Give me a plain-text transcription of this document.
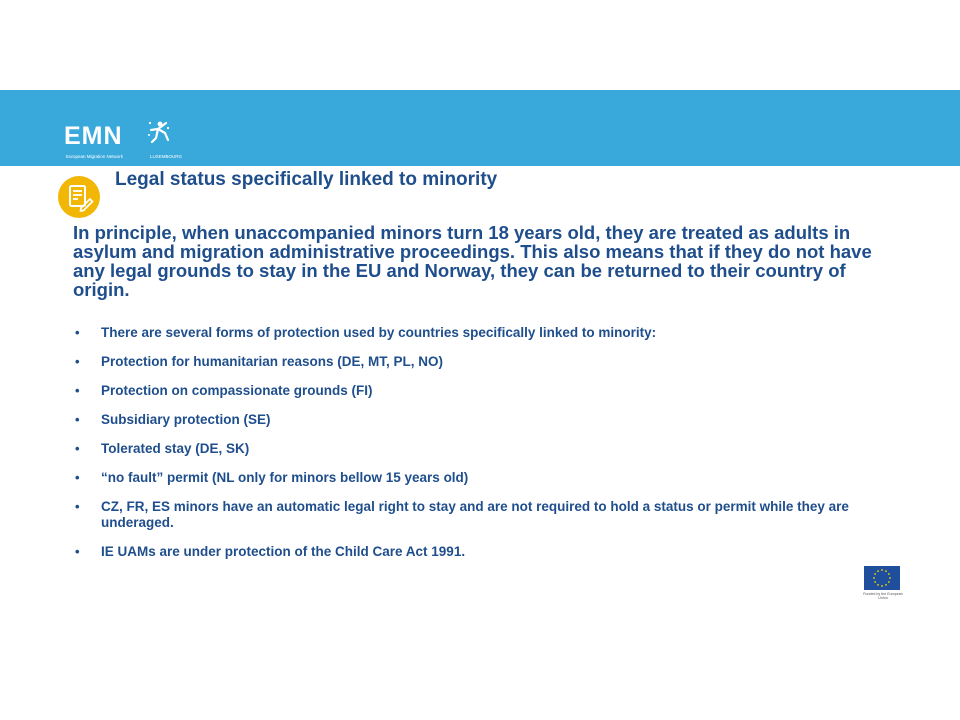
EMN
European Migration Network	LUXEMBOURG
Legal status specifically linked to minority
In principle, when unaccompanied minors turn 18 years old, they are treated as adults in asylum and migration administrative proceedings. This also means that if they do not have any legal grounds to stay in the EU and Norway, they can be returned to their country of origin.
• There are several forms of protection used by countries specifically linked to minority:
• Protection for humanitarian reasons (DE, MT, PL, NO)
• Protection on compassionate grounds (FI)
• Subsidiary protection (SE)
• Tolerated stay (DE, SK)
• “no fault” permit (NL only for minors bellow 15 years old)
• CZ, FR, ES minors have an automatic legal right to stay and are not required to hold a status or permit while they are underaged.
• IE UAMs are under protection of the Child Care Act 1991.
Funded by the European Union
